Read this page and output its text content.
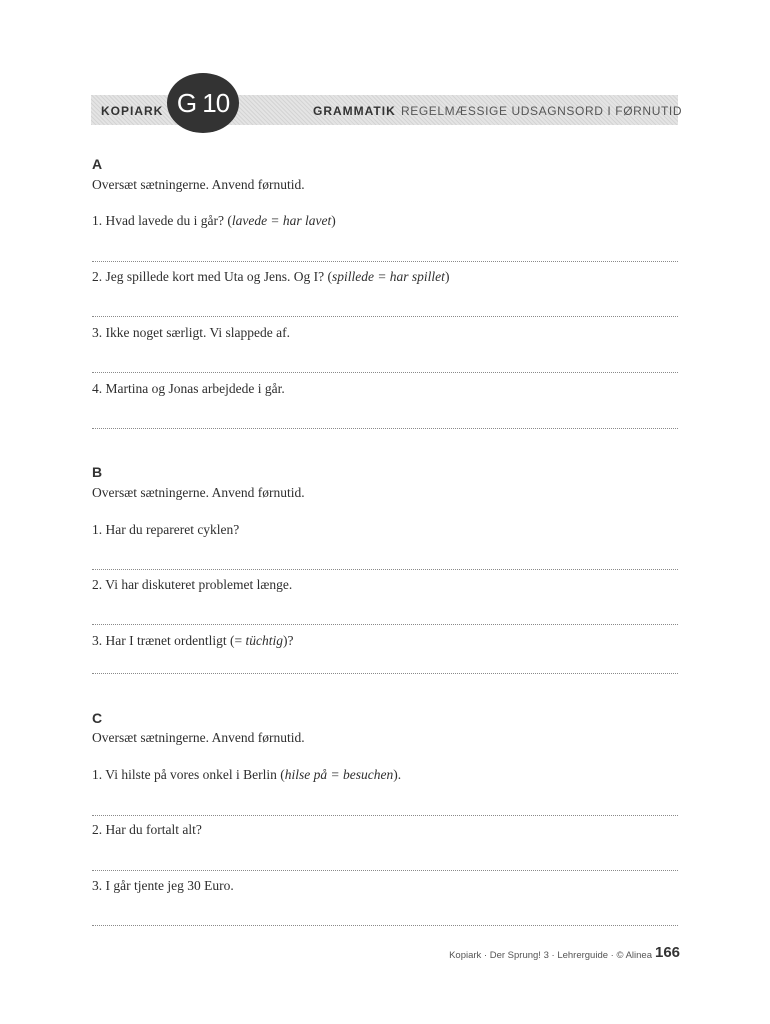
KOPIARK G 10	GRAMMATIK REGELMÆSSIGE UDSAGNSORD I FØRNUTID
A
Oversæt sætningerne. Anvend førnutid.
1. Hvad lavede du i går? (lavede = har lavet)
2. Jeg spillede kort med Uta og Jens. Og I? (spillede = har spillet)
3. Ikke noget særligt. Vi slappede af.
4. Martina og Jonas arbejdede i går.
B
Oversæt sætningerne. Anvend førnutid.
1. Har du repareret cyklen?
2. Vi har diskuteret problemet længe.
3. Har I trænet ordentligt (= tüchtig)?
C
Oversæt sætningerne. Anvend førnutid.
1. Vi hilste på vores onkel i Berlin (hilse på = besuchen).
2. Har du fortalt alt?
3. I går tjente jeg 30 Euro.
Kopiark · Der Sprung! 3 · Lehrerguide · © Alinea 166
